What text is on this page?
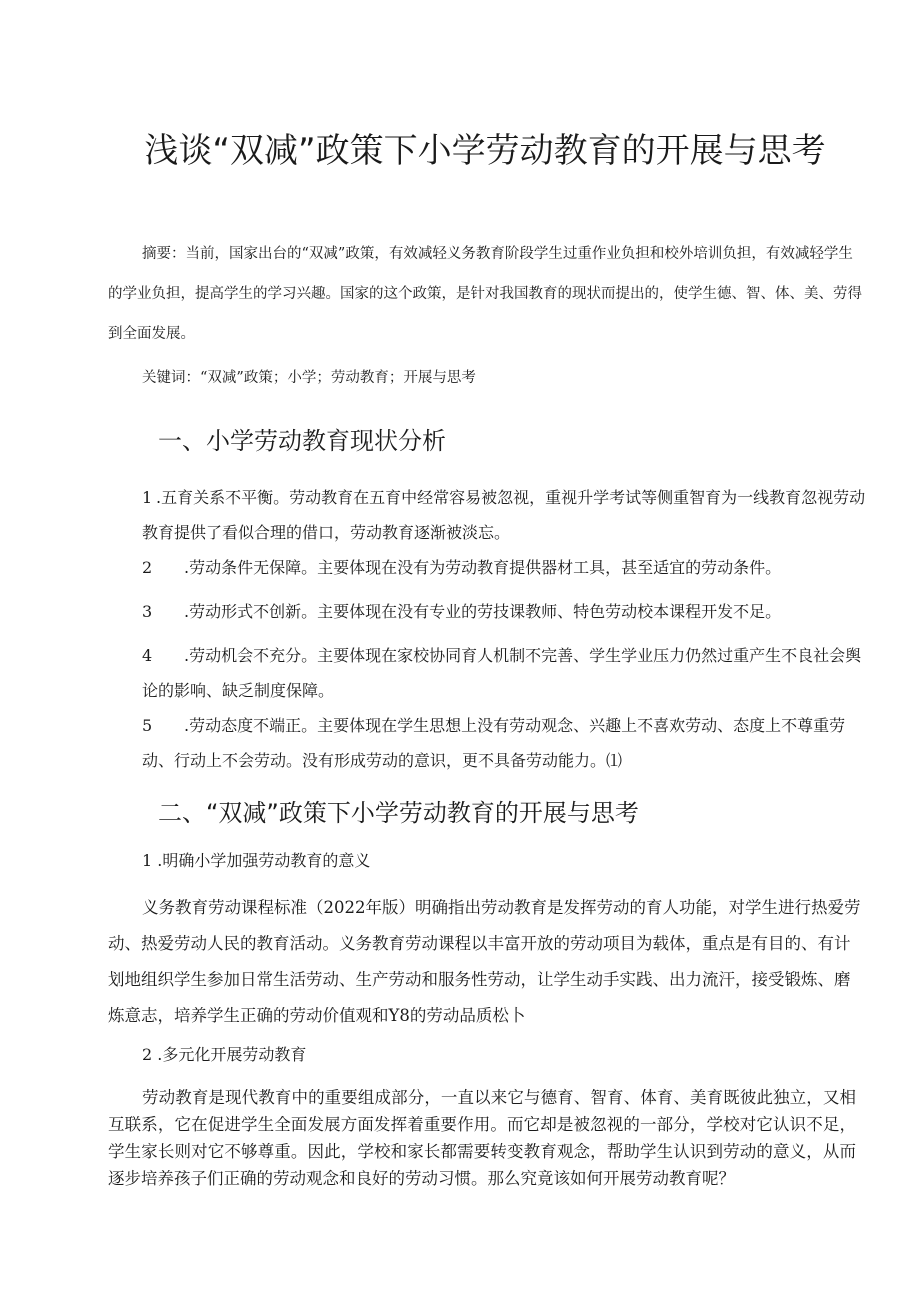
浅谈“双减”政策下小学劳动教育的开展与思考

摘要：当前，国家出台的“双减”政策，有效减轻义务教育阶段学生过重作业负担和校外培训负担，有效减轻学生的学业负担，提高学生的学习兴趣。国家的这个政策，是针对我国教育的现状而提出的，使学生德、智、体、美、劳得到全面发展。

关键词：“双减”政策；小学；劳动教育；开展与思考

一、小学劳动教育现状分析

1 .五育关系不平衡。劳动教育在五育中经常容易被忽视，重视升学考试等侧重智育为一线教育忽视劳动教育提供了看似合理的借口，劳动教育逐渐被淡忘。

2 .劳动条件无保障。主要体现在没有为劳动教育提供器材工具，甚至适宜的劳动条件。

3 .劳动形式不创新。主要体现在没有专业的劳技课教师、特色劳动校本课程开发不足。

4 .劳动机会不充分。主要体现在家校协同育人机制不完善、学生学业压力仍然过重产生不良社会舆论的影响、缺乏制度保障。

5 .劳动态度不端正。主要体现在学生思想上没有劳动观念、兴趣上不喜欢劳动、态度上不尊重劳动、行动上不会劳动。没有形成劳动的意识，更不具备劳动能力。⑴

二、“双减”政策下小学劳动教育的开展与思考

1 .明确小学加强劳动教育的意义

义务教育劳动课程标准（2022年版）明确指出劳动教育是发挥劳动的育人功能，对学生进行热爱劳动、热爱劳动人民的教育活动。义务教育劳动课程以丰富开放的劳动项目为载体，重点是有目的、有计划地组织学生参加日常生活劳动、生产劳动和服务性劳动，让学生动手实践、出力流汗，接受锻炼、磨炼意志，培养学生正确的劳动价值观和Y8的劳动品质松卜

2 .多元化开展劳动教育

劳动教育是现代教育中的重要组成部分，一直以来它与德育、智育、体育、美育既彼此独立，又相互联系，它在促进学生全面发展方面发挥着重要作用。而它却是被忽视的一部分，学校对它认识不足，学生家长则对它不够尊重。因此，学校和家长都需要转变教育观念，帮助学生认识到劳动的意义，从而逐步培养孩子们正确的劳动观念和良好的劳动习惯。那么究竟该如何开展劳动教育呢？
